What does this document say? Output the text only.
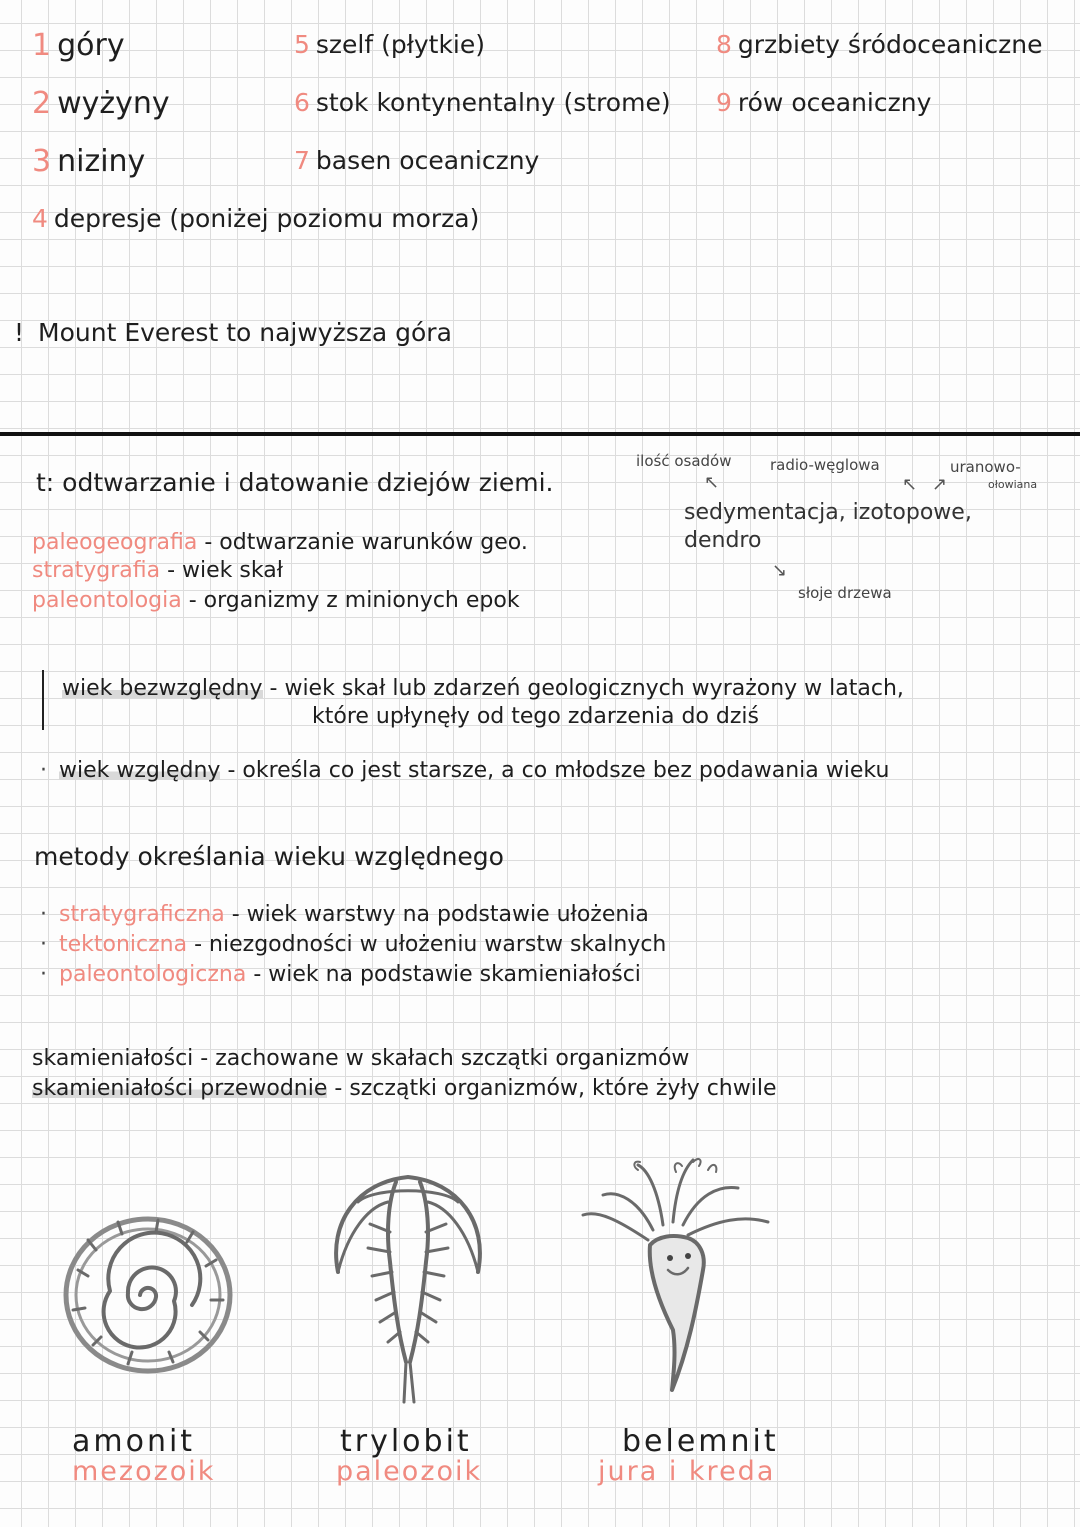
1 góry
2 wyżyny
3 niziny
4 depresje (poniżej poziomu morza)
5 szelf (płytkie)
6 stok kontynentalny (strome)
7 basen oceaniczny
8 grzbiety śródoceaniczne
9 rów oceaniczny
! Mount Everest to najwyższa góra
t: odtwarzanie i datowanie dziejów ziemi.
ilość osadów	radio-węglowa	uranowo-
ołowiana
↖	↖ ↗
sedymentacja, izotopowe,
dendro
↘
słoje drzewa
paleogeografia - odtwarzanie warunków geo.
stratygrafia - wiek skał
paleontologia - organizmy z minionych epok
wiek bezwzględny - wiek skał lub zdarzeń geologicznych wyrażony w latach,
które upłynęły od tego zdarzenia do dziś
· wiek względny - określa co jest starsze, a co młodsze bez podawania wieku
metody określania wieku względnego
· stratygraficzna - wiek warstwy na podstawie ułożenia
· tektoniczna - niezgodności w ułożeniu warstw skalnych
· paleontologiczna - wiek na podstawie skamieniałości
skamieniałości - zachowane w skałach szczątki organizmów
skamieniałości przewodnie - szczątki organizmów, które żyły chwile
amonit
mezozoik
trylobit
paleozoik
belemnit
jura i kreda
